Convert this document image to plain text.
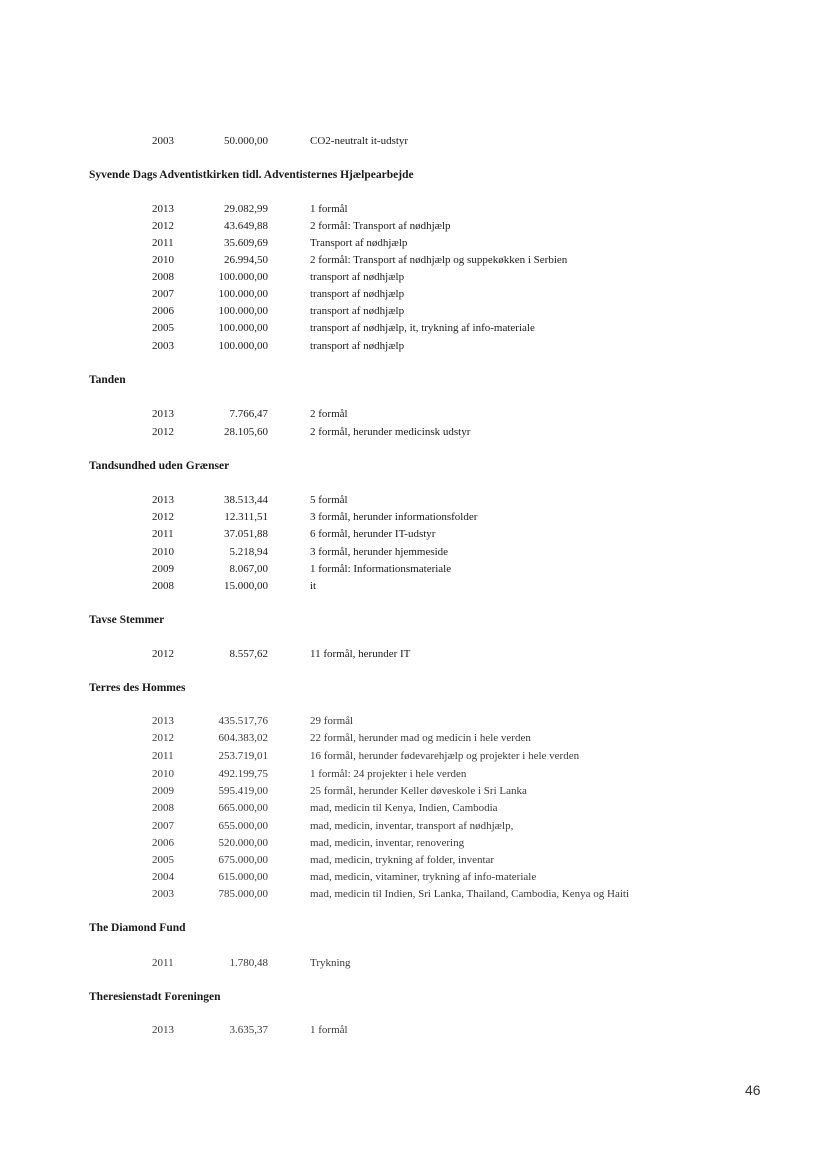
2003	50.000,00	CO2-neutralt it-udstyr
Syvende Dags Adventistkirken tidl. Adventisternes Hjælpearbejde
2013	29.082,99	1 formål
2012	43.649,88	2 formål: Transport af nødhjælp
2011	35.609,69	Transport af nødhjælp
2010	26.994,50	2 formål: Transport af nødhjælp og suppekøkken i Serbien
2008	100.000,00	transport af nødhjælp
2007	100.000,00	transport af nødhjælp
2006	100.000,00	transport af nødhjælp
2005	100.000,00	transport af nødhjælp, it, trykning af info-materiale
2003	100.000,00	transport af nødhjælp
Tanden
2013	7.766,47	2 formål
2012	28.105,60	2 formål, herunder medicinsk udstyr
Tandsundhed uden Grænser
2013	38.513,44	5 formål
2012	12.311,51	3 formål, herunder informationsfolder
2011	37.051,88	6 formål, herunder IT-udstyr
2010	5.218,94	3 formål, herunder hjemmeside
2009	8.067,00	1 formål: Informationsmateriale
2008	15.000,00	it
Tavse Stemmer
2012	8.557,62	11 formål, herunder IT
Terres des Hommes
2013	435.517,76	29 formål
2012	604.383,02	22 formål, herunder mad og medicin i hele verden
2011	253.719,01	16 formål, herunder fødevarehjælp og projekter i hele verden
2010	492.199,75	1 formål: 24 projekter i hele verden
2009	595.419,00	25 formål, herunder Keller døveskole i Sri Lanka
2008	665.000,00	mad, medicin til Kenya, Indien, Cambodia
2007	655.000,00	mad, medicin, inventar, transport af nødhjælp,
2006	520.000,00	mad, medicin, inventar, renovering
2005	675.000,00	mad, medicin, trykning af folder, inventar
2004	615.000,00	mad, medicin, vitaminer, trykning af info-materiale
2003	785.000,00	mad, medicin til Indien, Sri Lanka, Thailand, Cambodia, Kenya og Haiti
The Diamond Fund
2011	1.780,48	Trykning
Theresienstadt Foreningen
2013	3.635,37	1 formål
46
